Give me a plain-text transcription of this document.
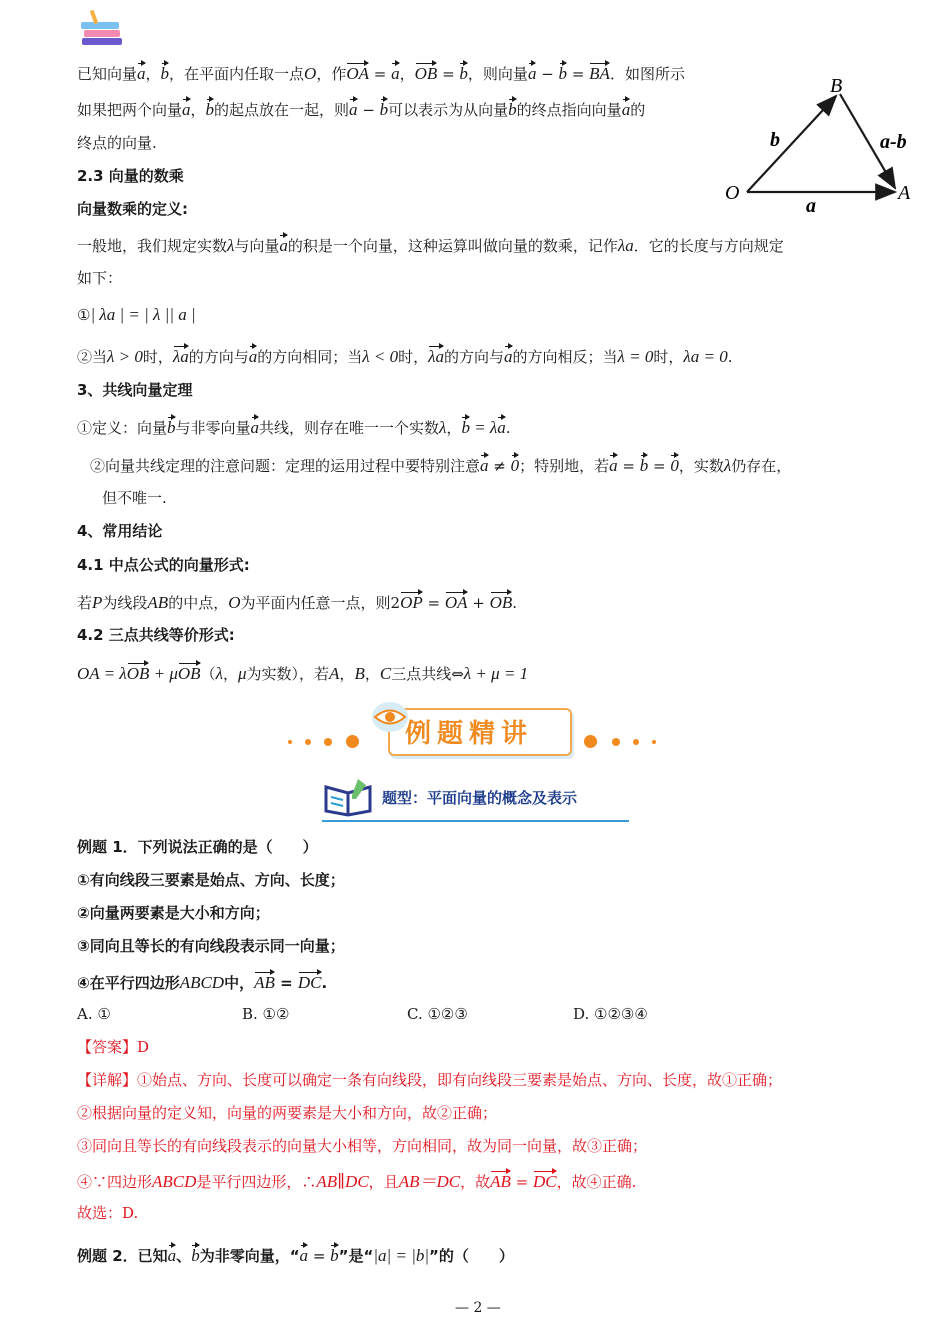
已知向量a，b，在平面内任取一点O，作OA = a，OB = b，则向量a − b = BA．如图所示
如果把两个向量a，b的起点放在一起，则a − b可以表示为从向量b的终点指向向量a的
终点的向量.
B
O	A
b
a
a-b
2.3 向量的数乘
向量数乘的定义:
一般地，我们规定实数λ与向量a的积是一个向量，这种运算叫做向量的数乘，记作λa．它的长度与方向规定
如下：
①| λa | = | λ || a |
②当λ > 0时，λa的方向与a的方向相同；当λ < 0时，λa的方向与a的方向相反；当λ = 0时，λa = 0.
3、共线向量定理
①定义：向量b与非零向量a共线，则存在唯一一个实数λ，b = λa.
②向量共线定理的注意问题：定理的运用过程中要特别注意a ≠ 0；特别地，若a = b = 0，实数λ仍存在，
但不唯一.
4、常用结论
4.1 中点公式的向量形式:
若P为线段AB的中点，O为平面内任意一点，则2OP = OA + OB.
4.2 三点共线等价形式:
OA = λOB + μOB（λ，μ为实数），若A，B，C三点共线⇔λ + μ = 1
例题精讲
题型：平面向量的概念及表示
例题 1．下列说法正确的是（　　）
①有向线段三要素是始点、方向、长度；
②向量两要素是大小和方向；
③同向且等长的有向线段表示同一向量；
④在平行四边形ABCD中，AB = DC.
A. ①	B. ①②	C. ①②③	D. ①②③④
【答案】D
【详解】①始点、方向、长度可以确定一条有向线段，即有向线段三要素是始点、方向、长度，故①正确；
②根据向量的定义知，向量的两要素是大小和方向，故②正确；
③同向且等长的有向线段表示的向量大小相等，方向相同，故为同一向量，故③正确；
④∵四边形ABCD是平行四边形，∴AB∥DC，且AB＝DC，故AB = DC，故④正确.
故选：D.
例题 2．已知a、b为非零向量，“a = b”是“|a| = |b|”的（　　）
— 2 —
